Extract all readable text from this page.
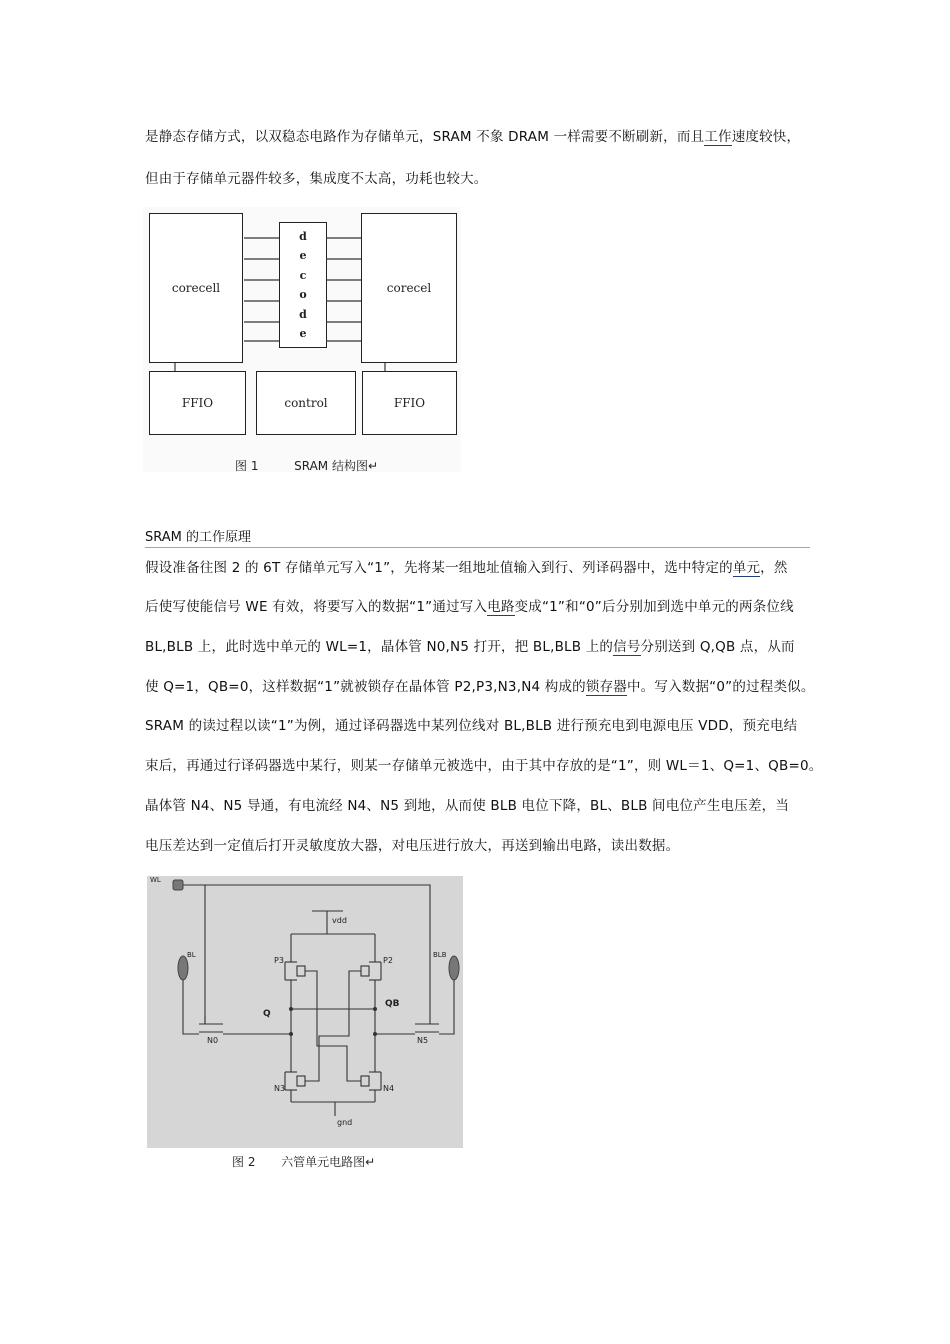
是静态存储方式，以双稳态电路作为存储单元，SRAM 不象 DRAM 一样需要不断刷新，而且工作速度较快，
但由于存储单元器件较多，集成度不太高，功耗也较大。
corecell
d
e
c
o
d
e
corecel
FFIO	control	FFIO
图 1	SRAM 结构图↵
SRAM 的工作原理
假设准备往图 2 的 6T 存储单元写入“1”，先将某一组地址值输入到行、列译码器中，选中特定的单元，然
后使写使能信号 WE 有效，将要写入的数据“1”通过写入电路变成“1”和“0”后分别加到选中单元的两条位线
BL,BLB 上，此时选中单元的 WL=1，晶体管 N0,N5 打开，把 BL,BLB 上的信号分别送到 Q,QB 点，从而
使 Q=1，QB=0，这样数据“1”就被锁存在晶体管 P2,P3,N3,N4 构成的锁存器中。写入数据“0”的过程类似。
SRAM 的读过程以读“1”为例，通过译码器选中某列位线对 BL,BLB 进行预充电到电源电压 VDD，预充电结
束后，再通过行译码器选中某行，则某一存储单元被选中，由于其中存放的是“1”，则 WL＝1、Q=1、QB=0。
晶体管 N4、N5 导通，有电流经 N4、N5 到地，从而使 BLB 电位下降，BL、BLB 间电位产生电压差，当
电压差达到一定值后打开灵敏度放大器，对电压进行放大，再送到输出电路，读出数据。
WL
vdd
gnd
P3	P2
N3	N4
N0	N5
Q
QB
BL	BLB
图 2 六管单元电路图↵
